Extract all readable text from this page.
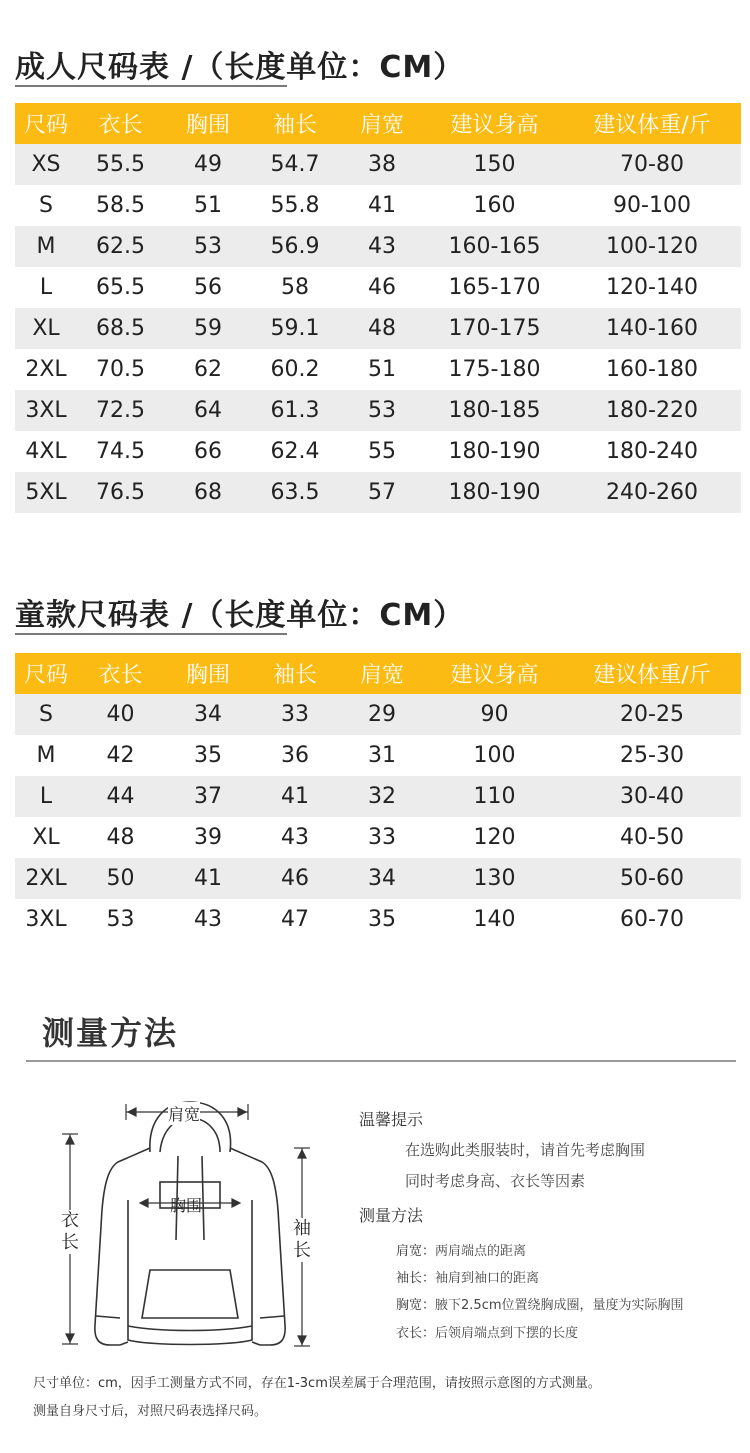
成人尺码表 /（长度单位：CM）
尺码	衣长	胸围	袖长	肩宽	建议身高	建议体重/斤
XS	55.5	49	54.7	38	150	70-80
S	58.5	51	55.8	41	160	90-100
M	62.5	53	56.9	43	160-165	100-120
L	65.5	56	58	46	165-170	120-140
XL	68.5	59	59.1	48	170-175	140-160
2XL	70.5	62	60.2	51	175-180	160-180
3XL	72.5	64	61.3	53	180-185	180-220
4XL	74.5	66	62.4	55	180-190	180-240
5XL	76.5	68	63.5	57	180-190	240-260
童款尺码表 /（长度单位：CM）
尺码	衣长	胸围	袖长	肩宽	建议身高	建议体重/斤
S	40	34	33	29	90	20-25
M	42	35	36	31	100	25-30
L	44	37	41	32	110	30-40
XL	48	39	43	33	120	40-50
2XL	50	41	46	34	130	50-60
3XL	53	43	47	35	140	60-70
测量方法
肩宽
胸围
衣长
袖长
温馨提示
在选购此类服装时，请首先考虑胸围
同时考虑身高、衣长等因素
测量方法
肩宽：两肩端点的距离
袖长：袖肩到袖口的距离
胸宽：腋下2.5cm位置绕胸成圈，量度为实际胸围
衣长：后领肩端点到下摆的长度
尺寸单位：cm，因手工测量方式不同，存在1-3cm误差属于合理范围，请按照示意图的方式测量。
测量自身尺寸后，对照尺码表选择尺码。
